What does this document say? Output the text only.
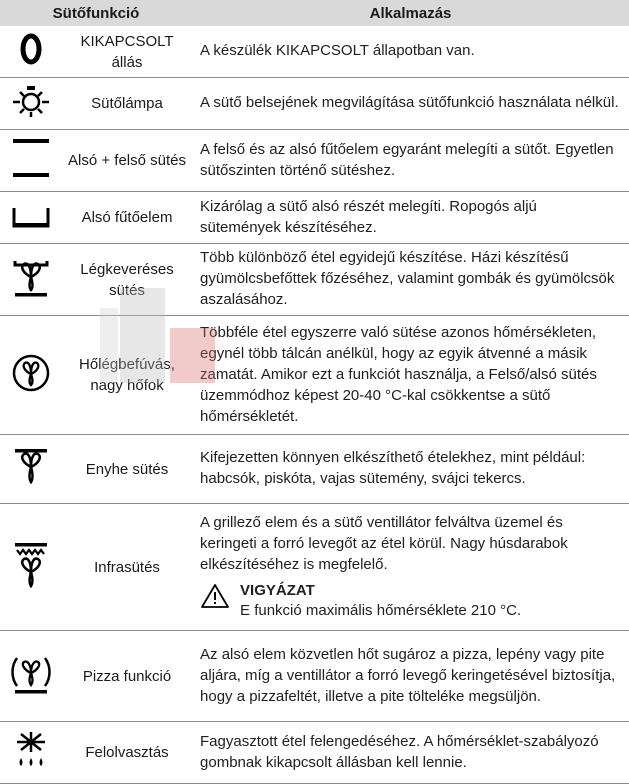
Sütőfunkció		Alkalmazás
	KIKAPCSOLT állás	A készülék KIKAPCSOLT állapotban van.
	Sütőlámpa	A sütő belsejének megvilágítása sütőfunkció használata nélkül.
	Alsó + felső sütés	A felső és az alsó fűtőelem egyaránt melegíti a sütőt. Egyetlen sütőszinten történő sütéshez.
	Alsó fűtőelem	Kizárólag a sütő alsó részét melegíti. Ropogós aljú sütemények készítéséhez.
	Légkeveréses sütés	Több különböző étel egyidejű készítése. Házi készítésű gyümölcsbefőttek főzéséhez, valamint gombák és gyümölcsök aszalásához.
	Hőlégbefúvás, nagy hőfok	Többféle étel egyszerre való sütése azonos hőmérsékleten, egynél több tálcán anélkül, hogy az egyik átvenné a másik zamatát. Amikor ezt a funkciót használja, a Felső/alsó sütés üzemmódhoz képest 20-40 °C-kal csökkentse a sütő hőmérsékletét.
	Enyhe sütés	Kifejezetten könnyen elkészíthető ételekhez, mint például: habcsók, piskóta, vajas sütemény, svájci tekercs.
	Infrasütés	A grillező elem és a sütő ventillátor felváltva üzemel és keringeti a forró levegőt az étel körül. Nagy húsdarabok elkészítéséhez is megfelelő.
VIGYÁZAT
E funkció maximális hőmérséklete 210 °C.

	Pizza funkció	Az alsó elem közvetlen hőt sugároz a pizza, lepény vagy pite aljára, míg a ventillátor a forró levegő keringetésével biztosítja, hogy a pizzafeltét, illetve a pite tölteléke megsüljön.
	Felolvasztás	Fagyasztott étel felengedéséhez. A hőmérséklet-szabályozó gombnak kikapcsolt állásban kell lennie.
